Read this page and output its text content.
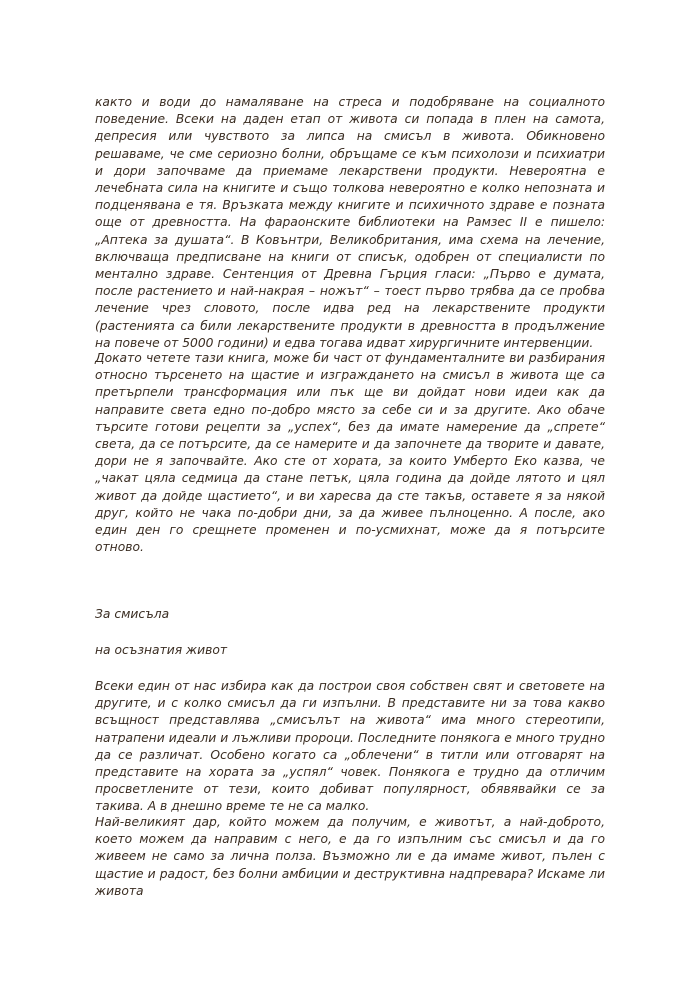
както и води до намаляване на стреса и подобряване на социалното поведение. Всеки на даден етап от живота си попада в плен на самота, депресия или чувството за липса на смисъл в живота. Обикновено решаваме, че сме сериозно болни, обръщаме се към психолози и психиатри и дори започваме да приемаме лекарствени продукти. Невероятна е лечебната сила на книгите и също толкова невероятно е колко непозната и подценявана е тя. Връзката между книгите и психичното здраве е позната още от древността. На фараонските библиотеки на Рамзес II е пишело: „Аптека за душата“. В Ковънтри, Великобритания, има схема на лечение, включваща предписване на книги от списък, одобрен от специалисти по ментално здраве. Сентенция от Древна Гърция гласи: „Първо е думата, после растението и най-накрая – ножът“ – тоест първо трябва да се пробва лечение чрез словото, после идва ред на лекарствените продукти (растенията са били лекарствените продукти в древността в продължение на повече от 5000 години) и едва тогава идват хирургичните интервенции.

Докато четете тази книга, може би част от фундаменталните ви разбирания относно търсенето на щастие и изграждането на смисъл в живота ще са претърпели трансформация или пък ще ви дойдат нови идеи как да направите света едно по-добро място за себе си и за другите. Ако обаче търсите готови рецепти за „успех“, без да имате намерение да „спрете“ света, да се потърсите, да се намерите и да започнете да творите и давате, дори не я започвайте. Ако сте от хората, за които Умберто Еко казва, че „чакат цяла седмица да стане петък, цяла година да дойде лятото и цял живот да дойде щастието“, и ви харесва да сте такъв, оставете я за някой друг, който не чака по-добри дни, за да живее пълноценно. А после, ако един ден го срещнете променен и по-усмихнат, може да я потърсите отново.

За смисъла

на осъзнатия живот

Всеки един от нас избира как да построи своя собствен свят и световете на другите, и с колко смисъл да ги изпълни. В представите ни за това какво всъщност представлява „смисълът на живота“ има много стереотипи, натрапени идеали и лъжливи пророци. Последните понякога е много трудно да се различат. Особено когато са „облечени“ в титли или отговарят на представите на хората за „успял“ човек. Понякога е трудно да отличим просветлените от тези, които добиват популярност, обявявайки се за такива. А в днешно време те не са малко.

Най-великият дар, който можем да получим, е животът, а най-доброто, което можем да направим с него, е да го изпълним със смисъл и да го живеем не само за лична полза. Възможно ли е да имаме живот, пълен с щастие и радост, без болни амбиции и деструктивна надпревара? Искаме ли живота
